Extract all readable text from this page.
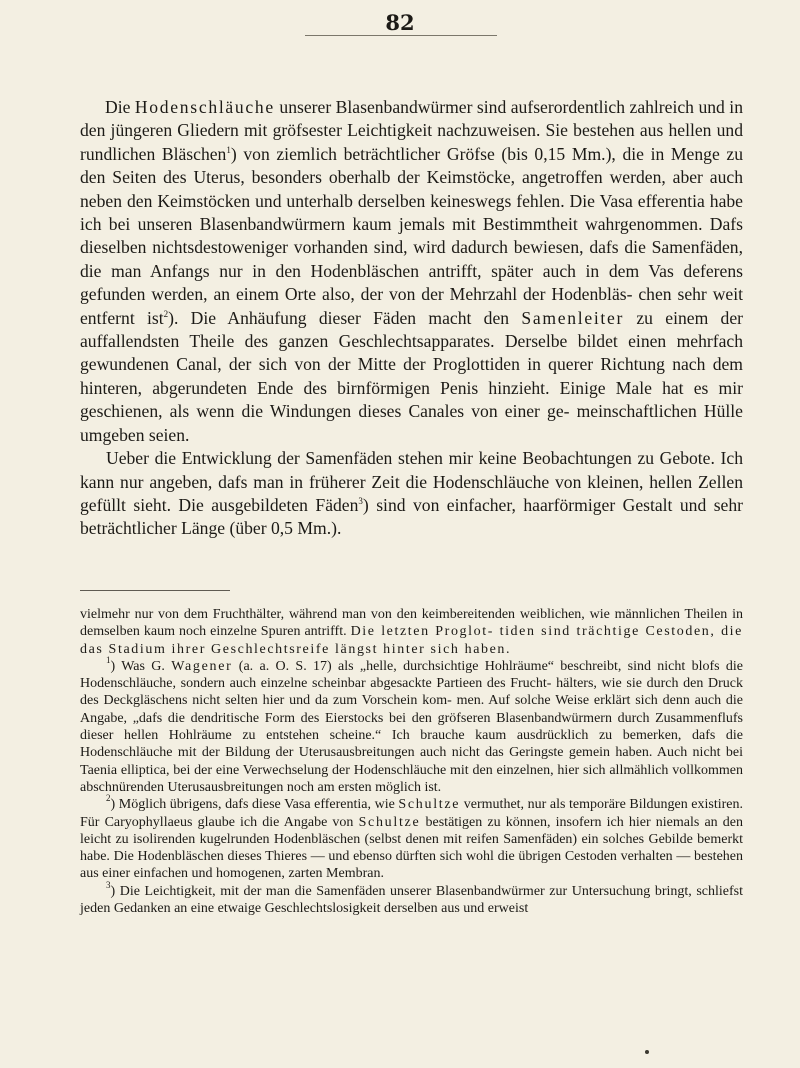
82

Die Hodenschläuche unserer Blasenbandwürmer sind aufserordentlich zahlreich und in den jüngeren Gliedern mit gröfsester Leichtigkeit nachzuweisen. Sie bestehen aus hellen und rundlichen Bläschen$^1$) von ziemlich beträchtlicher Gröfse (bis 0,15 Mm.), die in Menge zu den Seiten des Uterus, besonders oberhalb der Keimstöcke, angetroffen werden, aber auch neben den Keimstöcken und unterhalb derselben keineswegs fehlen. Die Vasa efferentia habe ich bei unseren Blasenbandwürmern kaum jemals mit Bestimmtheit wahrgenommen. Dafs dieselben nichtsdestoweniger vorhanden sind, wird dadurch bewiesen, dafs die Samenfäden, die man Anfangs nur in den Hodenbläschen antrifft, später auch in dem Vas deferens gefunden werden, an einem Orte also, der von der Mehrzahl der Hodenbläs- chen sehr weit entfernt ist$^2$). Die Anhäufung dieser Fäden macht den Samenleiter zu einem der auffallendsten Theile des ganzen Geschlechtsapparates. Derselbe bildet einen mehrfach gewundenen Canal, der sich von der Mitte der Proglottiden in querer Richtung nach dem hinteren, abgerundeten Ende des birnförmigen Penis hinzieht. Einige Male hat es mir geschienen, als wenn die Windungen dieses Canales von einer ge- meinschaftlichen Hülle umgeben seien.

Ueber die Entwicklung der Samenfäden stehen mir keine Beobachtungen zu Gebote. Ich kann nur angeben, dafs man in früherer Zeit die Hodenschläuche von kleinen, hellen Zellen gefüllt sieht. Die ausgebildeten Fäden$^3$) sind von einfacher, haarförmiger Gestalt und sehr beträchtlicher Länge (über 0,5 Mm.).

vielmehr nur von dem Fruchthälter, während man von den keimbereitenden weiblichen, wie männlichen Theilen in demselben kaum noch einzelne Spuren antrifft. Die letzten Proglot- tiden sind trächtige Cestoden, die das Stadium ihrer Geschlechtsreife längst hinter sich haben.

$^1$) Was G. Wagener (a. a. O. S. 17) als „helle, durchsichtige Hohlräume“ beschreibt, sind nicht blofs die Hodenschläuche, sondern auch einzelne scheinbar abgesackte Partieen des Frucht- hälters, wie sie durch den Druck des Deckgläschens nicht selten hier und da zum Vorschein kom- men. Auf solche Weise erklärt sich denn auch die Angabe, „dafs die dendritische Form des Eierstocks bei den gröfseren Blasenbandwürmern durch Zusammenflufs dieser hellen Hohlräume zu entstehen scheine.“ Ich brauche kaum ausdrücklich zu bemerken, dafs die Hodenschläuche mit der Bildung der Uterusausbreitungen auch nicht das Geringste gemein haben. Auch nicht bei Taenia elliptica, bei der eine Verwechselung der Hodenschläuche mit den einzelnen, hier sich allmählich vollkommen abschnürenden Uterusausbreitungen noch am ersten möglich ist.

$^2$) Möglich übrigens, dafs diese Vasa efferentia, wie Schultze vermuthet, nur als temporäre Bildungen existiren. Für Caryophyllaeus glaube ich die Angabe von Schultze bestätigen zu können, insofern ich hier niemals an den leicht zu isolirenden kugelrunden Hodenbläschen (selbst denen mit reifen Samenfäden) ein solches Gebilde bemerkt habe. Die Hodenbläschen dieses Thieres — und ebenso dürften sich wohl die übrigen Cestoden verhalten — bestehen aus einer einfachen und homogenen, zarten Membran.

$^3$) Die Leichtigkeit, mit der man die Samenfäden unserer Blasenbandwürmer zur Untersuchung bringt, schliefst jeden Gedanken an eine etwaige Geschlechtslosigkeit derselben aus und erweist
